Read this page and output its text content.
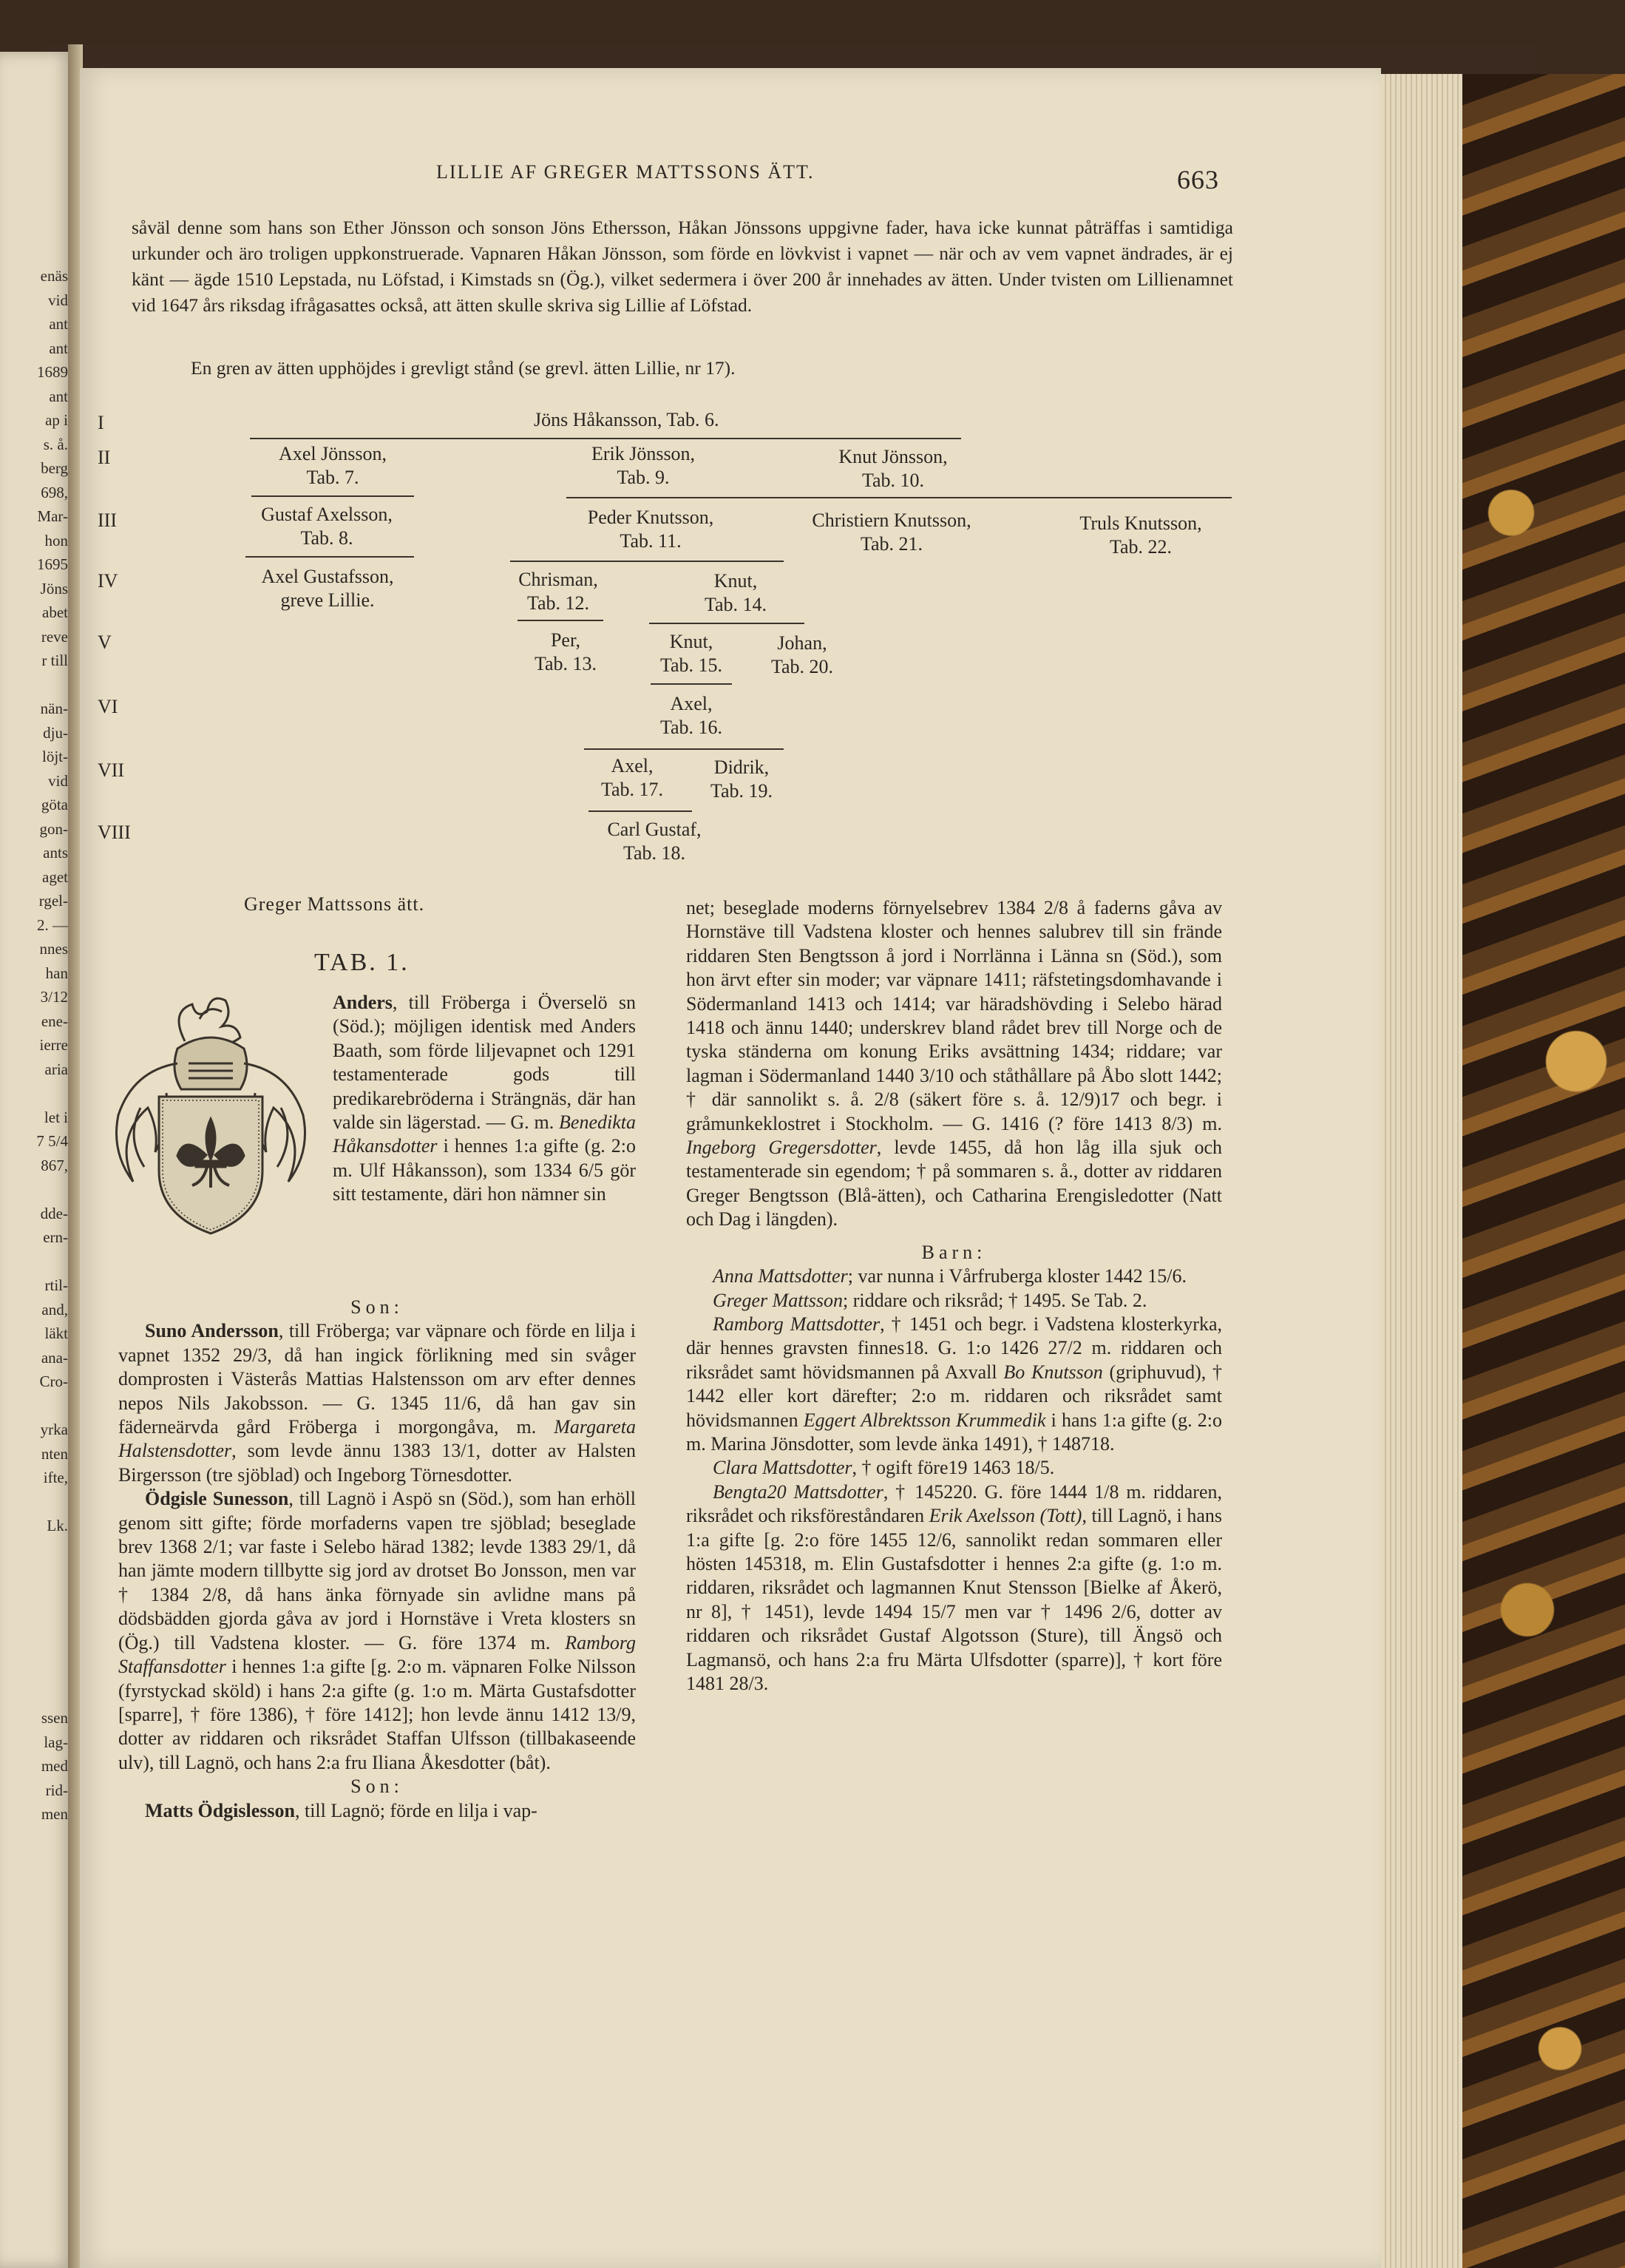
enäs
vid
ant
ant
1689
ant
ap i
s. å.
berg
698,
Mar-
hon
1695
Jöns
abet
reve
r till
nän-
dju-
löjt-
vid
göta
gon-
ants
aget
rgel-
2. —
nnes
han
3/12
ene-
ierre
aria
let i
7 5/4
867,
dde-
ern-
rtil-
and,
läkt
ana-
Cro-
yrka
nten
ifte,
Lk.
ssen
lag-
med
rid-
men
LILLIE AF GREGER MATTSSONS ÄTT.	663
såväl denne som hans son Ether Jönsson och sonson Jöns Ethersson, Håkan Jönssons uppgivne fader, hava icke kunnat påträffas i samtidiga urkunder och äro troligen uppkonstruerade. Vapnaren Håkan Jönsson, som förde en lövkvist i vapnet — när och av vem vapnet ändrades, är ej känt — ägde 1510 Lepstada, nu Löfstad, i Kimstads sn (Ög.), vilket sedermera i över 200 år innehades av ätten. Under tvisten om Lillienamnet vid 1647 års riksdag ifrågasattes också, att ätten skulle skriva sig Lillie af Löfstad.
En gren av ätten upphöjdes i grevligt stånd (se grevl. ätten Lillie, nr 17).
I
II
III
IV
V
VI
VII
VIII
Jöns Håkansson, Tab. 6.
Axel Jönsson,
Tab. 7.
Erik Jönsson,
Tab. 9.
Knut Jönsson,
Tab. 10.
Gustaf Axelsson,
Tab. 8.
Peder Knutsson,
Tab. 11.
Christiern Knutsson,
Tab. 21.
Truls Knutsson,
Tab. 22.
Axel Gustafsson,
greve Lillie.
Chrisman,
Tab. 12.
Knut,
Tab. 14.
Per,
Tab. 13.
Knut,
Tab. 15.
Johan,
Tab. 20.
Axel,
Tab. 16.
Axel,
Tab. 17.
Didrik,
Tab. 19.
Carl Gustaf,
Tab. 18.
Greger Mattssons ätt.
TAB. 1.
Anders, till Fröberga i Överselö sn (Söd.); möjligen identisk med Anders Baath, som förde liljevapnet och 1291 testamenterade gods till predikarebröderna i Strängnäs, där han valde sin lägerstad. — G. m. Benedikta Håkansdotter i hennes 1:a gifte (g. 2:o m. Ulf Håkansson), som 1334 6/5 gör sitt testamente, däri hon nämner sin

Son:

Suno Andersson, till Fröberga; var väpnare och förde en lilja i vapnet 1352 29/3, då han ingick förlikning med sin svåger domprosten i Västerås Mattias Halstensson om arv efter dennes nepos Nils Jakobsson. — G. 1345 11/6, då han gav sin fäderneärvda gård Fröberga i morgongåva, m. Margareta Halstensdotter, som levde ännu 1383 13/1, dotter av Halsten Birgersson (tre sjöblad) och Ingeborg Törnesdotter.

Ödgisle Sunesson, till Lagnö i Aspö sn (Söd.), som han erhöll genom sitt gifte; förde morfaderns vapen tre sjöblad; beseglade brev 1368 2/1; var faste i Selebo härad 1382; levde 1383 29/1, då han jämte modern tillbytte sig jord av drotset Bo Jonsson, men var † 1384 2/8, då hans änka förnyade sin avlidne mans på dödsbädden gjorda gåva av jord i Hornstäve i Vreta klosters sn (Ög.) till Vadstena kloster. — G. före 1374 m. Ramborg Staffansdotter i hennes 1:a gifte [g. 2:o m. väpnaren Folke Nilsson (fyrstyckad sköld) i hans 2:a gifte (g. 1:o m. Märta Gustafsdotter [sparre], † före 1386), † före 1412]; hon levde ännu 1412 13/9, dotter av riddaren och riksrådet Staffan Ulfsson (tillbakaseende ulv), till Lagnö, och hans 2:a fru Iliana Åkesdotter (båt).

Son:

Matts Ödgislesson, till Lagnö; förde en lilja i vap-

net; beseglade moderns förnyelsebrev 1384 2/8 å faderns gåva av Hornstäve till Vadstena kloster och hennes salubrev till sin frände riddaren Sten Bengtsson å jord i Norrlänna i Länna sn (Söd.), som hon ärvt efter sin moder; var väpnare 1411; räfstetingsdomhavande i Södermanland 1413 och 1414; var häradshövding i Selebo härad 1418 och ännu 1440; underskrev bland rådet brev till Norge och de tyska ständerna om konung Eriks avsättning 1434; riddare; var lagman i Södermanland 1440 3/10 och ståthållare på Åbo slott 1442; † där sannolikt s. å. 2/8 (säkert före s. å. 12/9)17 och begr. i gråmunkeklostret i Stockholm. — G. 1416 (? före 1413 8/3) m. Ingeborg Gregersdotter, levde 1455, då hon låg illa sjuk och testamenterade sin egendom; † på sommaren s. å., dotter av riddaren Greger Bengtsson (Blå-ätten), och Catharina Erengisledotter (Natt och Dag i längden).

Barn:

Anna Mattsdotter; var nunna i Vårfruberga kloster 1442 15/6.

Greger Mattsson; riddare och riksråd; † 1495. Se Tab. 2.

Ramborg Mattsdotter, † 1451 och begr. i Vadstena klosterkyrka, där hennes gravsten finnes18. G. 1:o 1426 27/2 m. riddaren och riksrådet samt hövidsmannen på Axvall Bo Knutsson (griphuvud), † 1442 eller kort därefter; 2:o m. riddaren och riksrådet samt hövidsmannen Eggert Albrektsson Krummedik i hans 1:a gifte (g. 2:o m. Marina Jönsdotter, som levde änka 1491), † 148718.

Clara Mattsdotter, † ogift före19 1463 18/5.

Bengta20 Mattsdotter, † 145220. G. före 1444 1/8 m. riddaren, riksrådet och riksföreståndaren Erik Axelsson (Tott), till Lagnö, i hans 1:a gifte [g. 2:o före 1455 12/6, sannolikt redan sommaren eller hösten 145318, m. Elin Gustafsdotter i hennes 2:a gifte (g. 1:o m. riddaren, riksrådet och lagmannen Knut Stensson [Bielke af Åkerö, nr 8], † 1451), levde 1494 15/7 men var † 1496 2/6, dotter av riddaren och riksrådet Gustaf Algotsson (Sture), till Ängsö och Lagmansö, och hans 2:a fru Märta Ulfsdotter (sparre)], † kort före 1481 28/3.
